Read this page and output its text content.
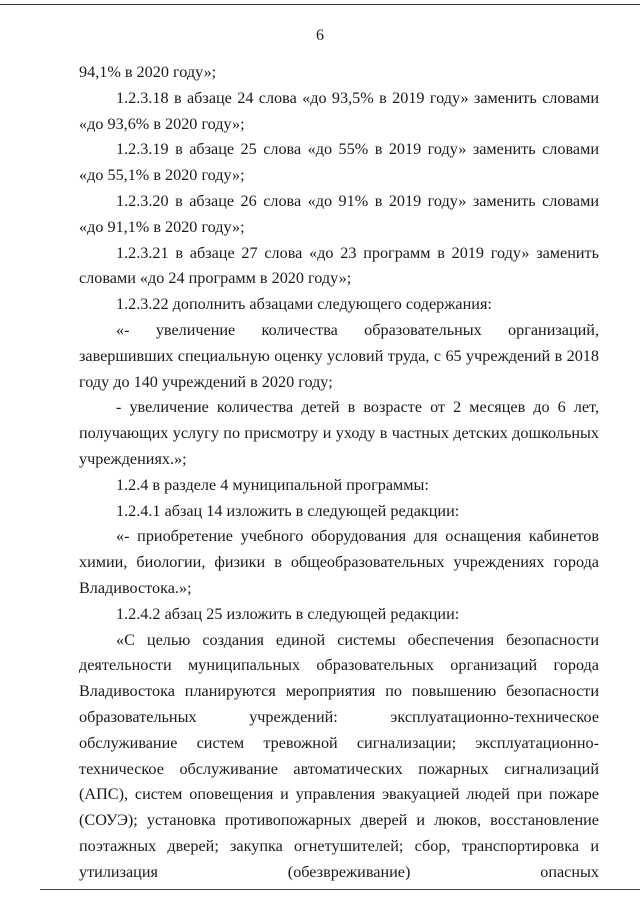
6

94,1% в 2020 году»;

1.2.3.18 в абзаце 24 слова «до 93,5% в 2019 году» заменить словами «до 93,6% в 2020 году»;

1.2.3.19 в абзаце 25 слова «до 55% в 2019 году» заменить словами «до 55,1% в 2020 году»;

1.2.3.20 в абзаце 26 слова «до 91% в 2019 году» заменить словами «до 91,1% в 2020 году»;

1.2.3.21 в абзаце 27 слова «до 23 программ в 2019 году» заменить словами «до 24 программ в 2020 году»;

1.2.3.22 дополнить абзацами следующего содержания:

«- увеличение количества образовательных организаций, завершивших специальную оценку условий труда, с 65 учреждений в 2018 году до 140 учреждений в 2020 году;

- увеличение количества детей в возрасте от 2 месяцев до 6 лет, получающих услугу по присмотру и уходу в частных детских дошкольных учреждениях.»;

1.2.4 в разделе 4 муниципальной программы:

1.2.4.1 абзац 14 изложить в следующей редакции:

«- приобретение учебного оборудования для оснащения кабинетов химии, биологии, физики в общеобразовательных учреждениях города Владивостока.»;

1.2.4.2 абзац 25 изложить в следующей редакции:

«С целью создания единой системы обеспечения безопасности деятельности муниципальных образовательных организаций города Владивостока планируются мероприятия по повышению безопасности образовательных учреждений: эксплуатационно-техническое обслуживание систем тревожной сигнализации; эксплуатационно-техническое обслуживание автоматических пожарных сигнализаций (АПС), систем оповещения и управления эвакуацией людей при пожаре (СОУЭ); установка противопожарных дверей и люков, восстановление поэтажных дверей; закупка огнетушителей; сбор, транспортировка и утилизация (обезвреживание) опасных
